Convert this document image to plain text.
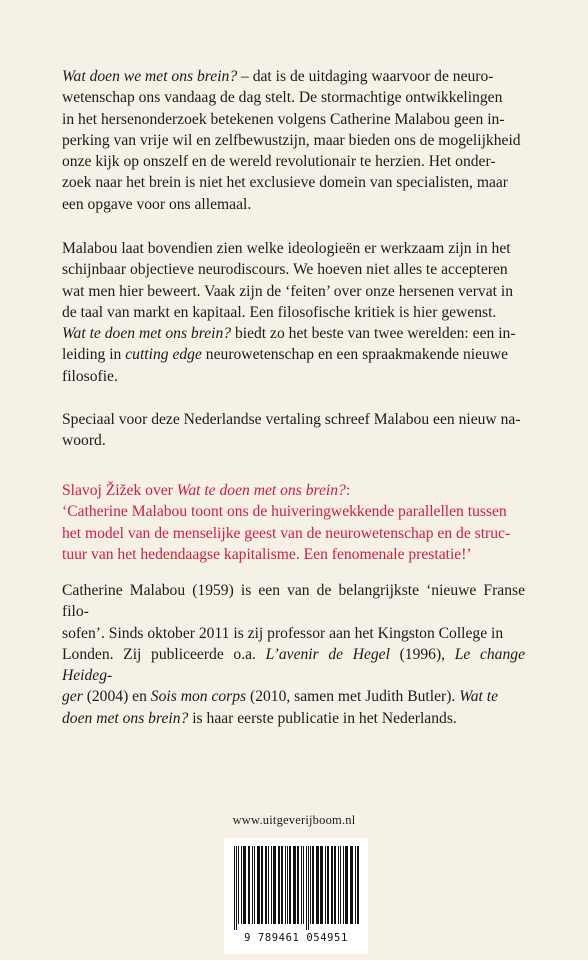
Wat doen we met ons brein? – dat is de uitdaging waarvoor de neuro-

wetenschap ons vandaag de dag stelt. De stormachtige ontwikkelingen

in het hersenonderzoek betekenen volgens Catherine Malabou geen in-

perking van vrije wil en zelfbewustzijn, maar bieden ons de mogelijkheid

onze kijk op onszelf en de wereld revolutionair te herzien. Het onder-

zoek naar het brein is niet het exclusieve domein van specialisten, maar

een opgave voor ons allemaal.

Malabou laat bovendien zien welke ideologieën er werkzaam zijn in het

schijnbaar objectieve neurodiscours. We hoeven niet alles te accepteren

wat men hier beweert. Vaak zijn de ‘feiten’ over onze hersenen vervat in

de taal van markt en kapitaal. Een filosofische kritiek is hier gewenst.

Wat te doen met ons brein? biedt zo het beste van twee werelden: een in-

leiding in cutting edge neurowetenschap en een spraakmakende nieuwe

filosofie.

Speciaal voor deze Nederlandse vertaling schreef Malabou een nieuw na-

woord.

Slavoj Žižek over Wat te doen met ons brein?:

‘Catherine Malabou toont ons de huiveringwekkende parallellen tussen

het model van de menselijke geest van de neurowetenschap en de struc-

tuur van het hedendaagse kapitalisme. Een fenomenale prestatie!’

Catherine Malabou (1959) is een van de belangrijkste ‘nieuwe Franse filo-

sofen’. Sinds oktober 2011 is zij professor aan het Kingston College in

Londen. Zij publiceerde o.a. L’avenir de Hegel (1996), Le change Heideg-

ger (2004) en Sois mon corps (2010, samen met Judith Butler). Wat te

doen met ons brein? is haar eerste publicatie in het Nederlands.

www.uitgeverijboom.nl
9 789461 054951
